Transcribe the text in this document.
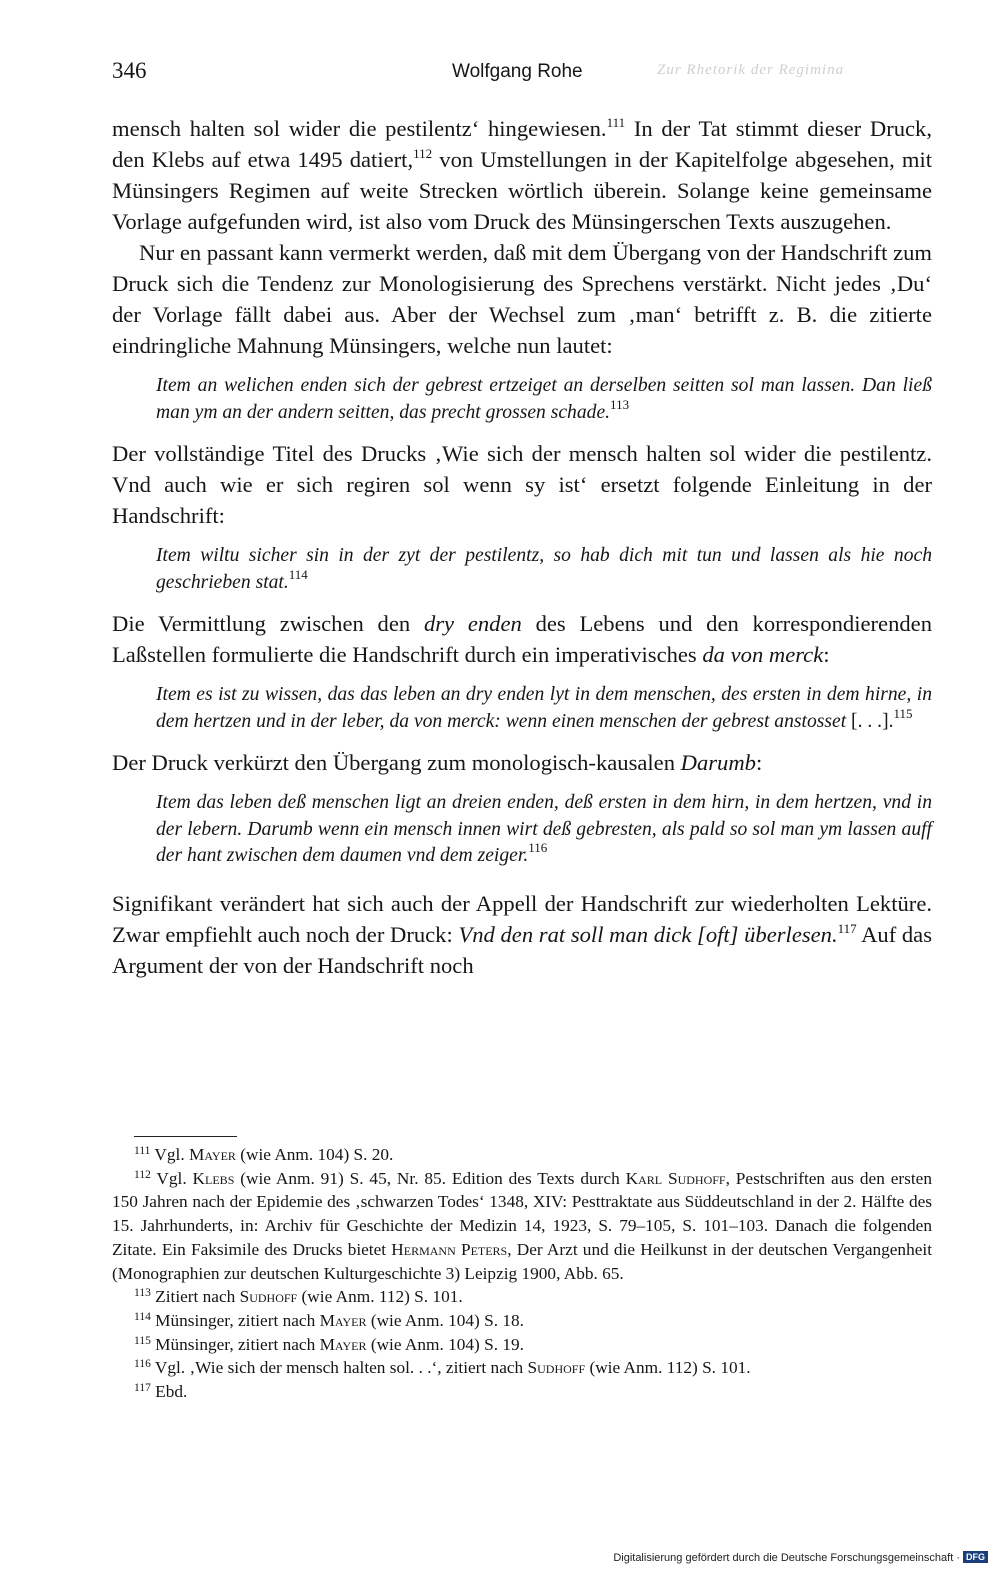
346	Wolfgang Rohe	Zur Rhetorik der Regimina

mensch halten sol wider die pestilentz‘ hingewiesen.$^{111}$ In der Tat stimmt dieser Druck, den Klebs auf etwa 1495 datiert,$^{112}$ von Umstellungen in der Kapitelfolge abgesehen, mit Münsingers Regimen auf weite Strecken wörtlich überein. Solange keine gemeinsame Vorlage aufgefunden wird, ist also vom Druck des Münsingerschen Texts auszugehen.

Nur en passant kann vermerkt werden, daß mit dem Übergang von der Handschrift zum Druck sich die Tendenz zur Monologisierung des Sprechens verstärkt. Nicht jedes ‚Du‘ der Vorlage fällt dabei aus. Aber der Wechsel zum ‚man‘ betrifft z. B. die zitierte eindringliche Mahnung Münsingers, welche nun lautet:

Item an welichen enden sich der gebrest ertzeiget an derselben seitten sol man lassen. Dan ließ man ym an der andern seitten, das precht grossen schade.$^{113}$

Der vollständige Titel des Drucks ‚Wie sich der mensch halten sol wider die pestilentz. Vnd auch wie er sich regiren sol wenn sy ist‘ ersetzt folgende Einleitung in der Handschrift:

Item wiltu sicher sin in der zyt der pestilentz, so hab dich mit tun und lassen als hie noch geschrieben stat.$^{114}$

Die Vermittlung zwischen den dry enden des Lebens und den korrespondierenden Laßstellen formulierte die Handschrift durch ein imperativisches da von merck:

Item es ist zu wissen, das das leben an dry enden lyt in dem menschen, des ersten in dem hirne, in dem hertzen und in der leber, da von merck: wenn einen menschen der gebrest anstosset [. . .].$^{115}$

Der Druck verkürzt den Übergang zum monologisch-kausalen Darumb:

Item das leben deß menschen ligt an dreien enden, deß ersten in dem hirn, in dem hertzen, vnd in der lebern. Darumb wenn ein mensch innen wirt deß gebresten, als pald so sol man ym lassen auff der hant zwischen dem daumen vnd dem zeiger.$^{116}$

Signifikant verändert hat sich auch der Appell der Handschrift zur wiederholten Lektüre. Zwar empfiehlt auch noch der Druck: Vnd den rat soll man dick [oft] überlesen.$^{117}$ Auf das Argument der von der Handschrift noch

$^{111}$ Vgl. Mayer (wie Anm. 104) S. 20.

$^{112}$ Vgl. Klebs (wie Anm. 91) S. 45, Nr. 85. Edition des Texts durch Karl Sudhoff, Pestschriften aus den ersten 150 Jahren nach der Epidemie des ‚schwarzen Todes‘ 1348, XIV: Pesttraktate aus Süddeutschland in der 2. Hälfte des 15. Jahrhunderts, in: Archiv für Geschichte der Medizin 14, 1923, S. 79–105, S. 101–103. Danach die folgenden Zitate. Ein Faksimile des Drucks bietet Hermann Peters, Der Arzt und die Heilkunst in der deutschen Vergangenheit (Monographien zur deutschen Kulturgeschichte 3) Leipzig 1900, Abb. 65.

$^{113}$ Zitiert nach Sudhoff (wie Anm. 112) S. 101.

$^{114}$ Münsinger, zitiert nach Mayer (wie Anm. 104) S. 18.

$^{115}$ Münsinger, zitiert nach Mayer (wie Anm. 104) S. 19.

$^{116}$ Vgl. ‚Wie sich der mensch halten sol. . .‘, zitiert nach Sudhoff (wie Anm. 112) S. 101.

$^{117}$ Ebd.

Digitalisierung gefördert durch die Deutsche Forschungsgemeinschaft · DFG
